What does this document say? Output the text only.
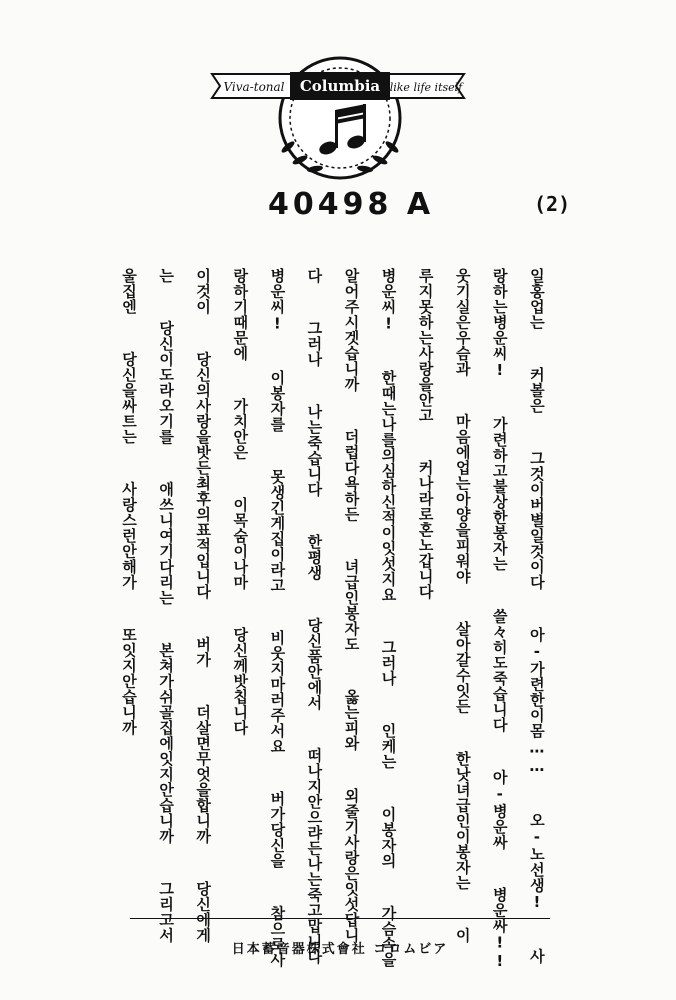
Viva-tonal Columbia like life itself
40498 A	(2)
일홍업는  커볼은  그것이버별일것이다  아-가련한이몸……  오-노선생!  사
랑하는병운씨!  가련하고불상한봉자는  쓸々히도죽습니다  아-병운싸  병운싸!!
웃기실은우슴과  마음에업는아양을피워야  살아갈수잇든  한낫녀급인이봉자는  이
루지못하는사랑을안고  커나라로혼노갑니다
병운씨!  한때는나를의심하신적이잇섯지요  그러나  인케는  이봉자의  가슴속을
알어주시겟습니까  더럽다욕하든  녀급인봉자도  옳는피와  외줄기사랑은잇섯답니
다  그러나  나는죽습니다  한평생  당신품안에서  떠나지안으랴든나는죽고맙니다
병운씨!  이봉자를  못생긴게집이라고  비웃지마러주서요  버가당신을  참으로사
랑하기때문에  가치안은  이목숨이나마  당신께밧칩니다
이것이  당신의사랑을밧든최후의표적입니다  버가  더살면무엇을합니까  당신에게
는  당신이도라오기를  애쓰니여기다리는  본쳐가쉬골집에잇지안습니까  그리고서
울집엔  당신을싸트는  사랑스런안해가  또잇지안습니까
日本蓄音器株式會社 コロムビア
